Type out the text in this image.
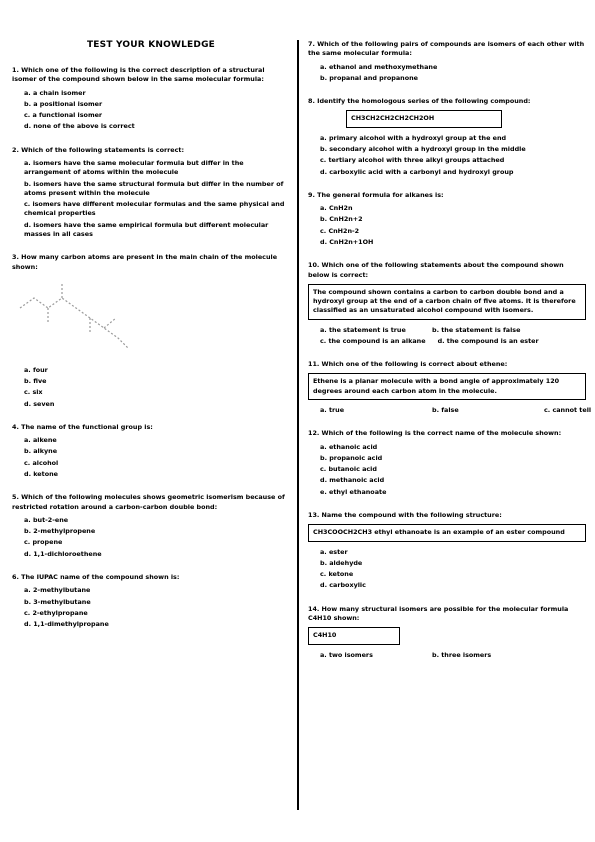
TEST YOUR KNOWLEDGE
1. Which one of the following is the correct description of a structural isomer of the compound shown below in the same molecular formula:
a. a chain isomer
b. a positional isomer
c. a functional isomer
d. none of the above is correct
2. Which of the following statements is correct:
a. isomers have the same molecular formula but differ in the arrangement of atoms within the molecule
b. isomers have the same structural formula but differ in the number of atoms present within the molecule
c. isomers have different molecular formulas and the same physical and chemical properties
d. isomers have the same empirical formula but different molecular masses in all cases
3. How many carbon atoms are present in the main chain of the molecule shown:
a. four
b. five
c. six
d. seven
4. The name of the functional group is:
a. alkene
b. alkyne
c. alcohol
d. ketone
5. Which of the following molecules shows geometric isomerism because of restricted rotation around a carbon-carbon double bond:
a. but-2-ene
b. 2-methylpropene
c. propene
d. 1,1-dichloroethene
6. The IUPAC name of the compound shown is:
a. 2-methylbutane
b. 3-methylbutane
c. 2-ethylpropane
d. 1,1-dimethylpropane
7. Which of the following pairs of compounds are isomers of each other with the same molecular formula:
a. ethanol and methoxymethane
b. propanal and propanone
8. Identify the homologous series of the following compound:
CH3CH2CH2CH2CH2OH
a. primary alcohol with a hydroxyl group at the end
b. secondary alcohol with a hydroxyl group in the middle
c. tertiary alcohol with three alkyl groups attached
d. carboxylic acid with a carbonyl and hydroxyl group
9. The general formula for alkanes is:
a. CnH2n
b. CnH2n+2
c. CnH2n-2
d. CnH2n+1OH
10. Which one of the following statements about the compound shown below is correct:
The compound shown contains a carbon to carbon double bond and a hydroxyl group at the end of a carbon chain of five atoms. It is therefore classified as an unsaturated alcohol compound with isomers.
a. the statement is true	b. the statement is false
c. the compound is an alkane d. the compound is an ester
11. Which one of the following is correct about ethene:
Ethene is a planar molecule with a bond angle of approximately 120 degrees around each carbon atom in the molecule.
a. true	b. false	c. cannot tell
12. Which of the following is the correct name of the molecule shown:
a. ethanoic acid
b. propanoic acid
c. butanoic acid
d. methanoic acid
e. ethyl ethanoate
13. Name the compound with the following structure:
CH3COOCH2CH3 ethyl ethanoate is an example of an ester compound
a. ester
b. aldehyde
c. ketone
d. carboxylic
14. How many structural isomers are possible for the molecular formula C4H10 shown:
C4H10
a. two isomers	b. three isomers
